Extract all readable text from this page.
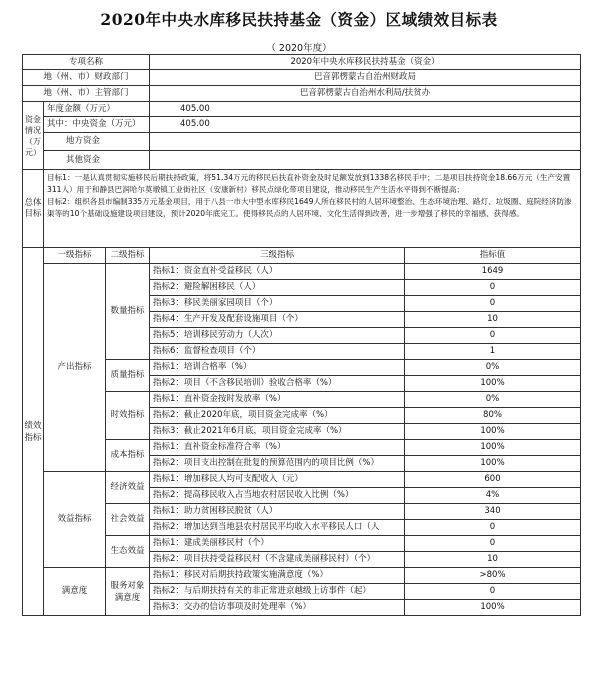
2020年中央水库移民扶持基金（资金）区域绩效目标表
（ 2020年度）
专项名称			2020年中央水库移民扶持基金（资金）	
地（州、市）财政部门			巴音郭楞蒙古自治州财政局	
地（州、市）主管部门			巴音郭楞蒙古自治州水利局/扶贫办	
资金情况（万元）	年度金额（万元）		405.00	
	其中：中央资金（万元）		405.00	
	地方资金			
	其他资金			
总体目标	目标1：一是认真贯彻实施移民后期扶持政策，将51.34万元的移民后扶直补资金及时足额发放到1338名移民手中；二是项目扶持资金18.66万元（生产安置311人）用于和静县巴润哈尔莫墩镇工业街社区（安康新村）移民点绿化带项目建设，推动移民生产生活水平得到不断提高；
目标2：组织各县市编制335万元基金项目，用于八县一市大中型水库移民1649人所在移民村的人居环境整治、生态环境治理、路灯、垃圾圈、庭院经济防渗渠等的10个基础设施建设项目建设，预计2020年底完工。使得移民点的人居环境、文化生活得到改善，进一步增强了移民的幸福感、获得感。			
绩效指标	一级指标	二级指标	三级指标	指标值
	产出指标	数量指标	指标1：资金直补受益移民（人）	1649
			指标2：避险解困移民（人）	0
			指标3：移民美丽家园项目（个）	0
			指标4：生产开发及配套设施项目（个）	10
			指标5：培训移民劳动力（人次）	0
			指标6：监督检查项目（个）	1
		质量指标	指标1：培训合格率（%）	0%
			指标2：项目（不含移民培训）验收合格率（%）	100%
		时效指标	指标1：直补资金按时发放率（%）	0%
			指标2：截止2020年底，项目资金完成率（%）	80%
			指标3：截止2021年6月底，项目资金完成率（%）	100%
		成本指标	指标1：直补资金标准符合率（%）	100%
			指标2：项目支出控制在批复的预算范围内的项目比例（%）	100%
	效益指标	经济效益	指标1：增加移民人均可支配收入（元）	600
			指标2：提高移民收入占当地农村居民收入比例（%）	4%
		社会效益	指标1：助力贫困移民脱贫（人）	340
			指标2：增加达到当地县农村居民平均收入水平移民人口（人	0
		生态效益	指标1：建成美丽移民村（个）	0
			指标2：项目扶持受益移民村（不含建成美丽移民村）（个）	10
	满意度	服务对象满意度	指标1：移民对后期扶持政策实施满意度（%）	>80%
			指标2：与后期扶持有关的非正常进京越级上访事件（起）	0
			指标3：交办的信访事项及时处理率（%）	100%
